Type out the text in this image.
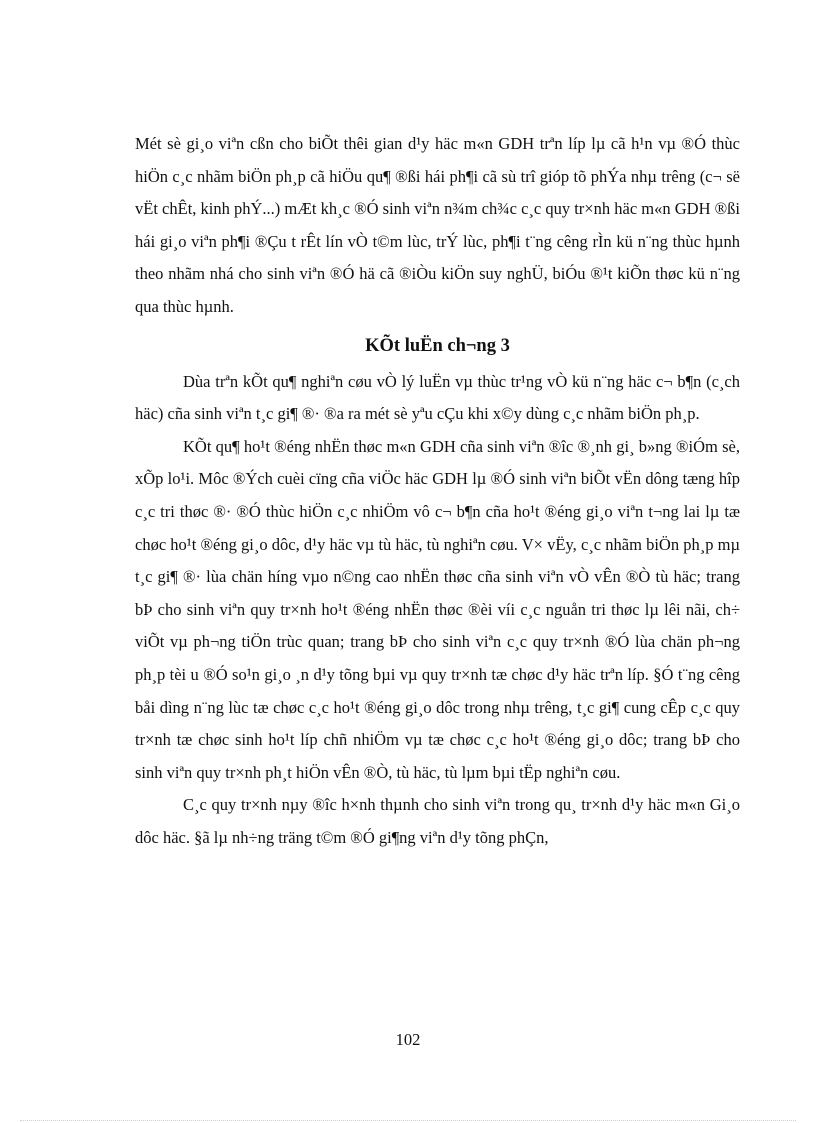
Mét sè gi¸o viªn cßn cho biÕt thêi gian d¹y häc m«n GDH trªn líp lµ cã h¹n vµ ®Ó thùc hiÖn c¸c nhãm biÖn ph¸p cã hiÖu qu¶ ®ßi hái ph¶i cã sù trî gióp tõ phÝa nhµ trêng (c¬ së vËt chÊt, kinh phÝ...) mÆt kh¸c ®Ó sinh viªn n¾m ch¾c c¸c quy tr×nh häc m«n GDH ®ßi hái gi¸o viªn ph¶i ®Çu t rÊt lín vÒ t©m lùc, trÝ lùc, ph¶i t¨ng cêng rÌn kü n¨ng thùc hµnh theo nhãm nhá cho sinh viªn ®Ó hä cã ®iÒu kiÖn suy nghÜ, biÓu ®¹t kiÕn thøc kü n¨ng qua thùc hµnh.

KÕt luËn ch¬ng 3

Dùa trªn kÕt qu¶ nghiªn cøu vÒ lý luËn vµ thùc tr¹ng vÒ kü n¨ng häc c¬ b¶n (c¸ch häc) cña sinh viªn t¸c gi¶ ®· ®a ra mét sè yªu cÇu khi x©y dùng c¸c nhãm biÖn ph¸p.

KÕt qu¶ ho¹t ®éng nhËn thøc m«n GDH cña sinh viªn ®îc ®¸nh gi¸ b»ng ®iÓm sè, xÕp lo¹i. Môc ®Ých cuèi cïng cña viÖc häc GDH lµ ®Ó sinh viªn biÕt vËn dông tæng hîp c¸c tri thøc ®· ®Ó thùc hiÖn c¸c nhiÖm vô c¬ b¶n cña ho¹t ®éng gi¸o viªn t¬ng lai lµ tæ chøc ho¹t ®éng gi¸o dôc, d¹y häc vµ tù häc, tù nghiªn cøu. V× vËy, c¸c nhãm biÖn ph¸p mµ t¸c gi¶ ®· lùa chän híng vµo n©ng cao nhËn thøc cña sinh viªn vÒ vÊn ®Ò tù häc; trang bÞ cho sinh viªn quy tr×nh ho¹t ®éng nhËn thøc ®èi víi c¸c nguån tri thøc lµ lêi nãi, ch÷ viÕt vµ ph¬ng tiÖn trùc quan; trang bÞ cho sinh viªn c¸c quy tr×nh ®Ó lùa chän ph¬ng ph¸p tèi u ®Ó so¹n gi¸o ¸n d¹y tõng bµi vµ quy tr×nh tæ chøc d¹y häc trªn líp. §Ó t¨ng cêng båi dìng n¨ng lùc tæ chøc c¸c ho¹t ®éng gi¸o dôc trong nhµ trêng, t¸c gi¶ cung cÊp c¸c quy tr×nh tæ chøc sinh ho¹t líp chñ nhiÖm vµ tæ chøc c¸c ho¹t ®éng gi¸o dôc; trang bÞ cho sinh viªn quy tr×nh ph¸t hiÖn vÊn ®Ò, tù häc, tù lµm bµi tËp nghiªn cøu.

C¸c quy tr×nh nµy ®îc h×nh thµnh cho sinh viªn trong qu¸ tr×nh d¹y häc m«n Gi¸o dôc häc. §ã lµ nh÷ng träng t©m ®Ó gi¶ng viªn d¹y tõng phÇn,

102
